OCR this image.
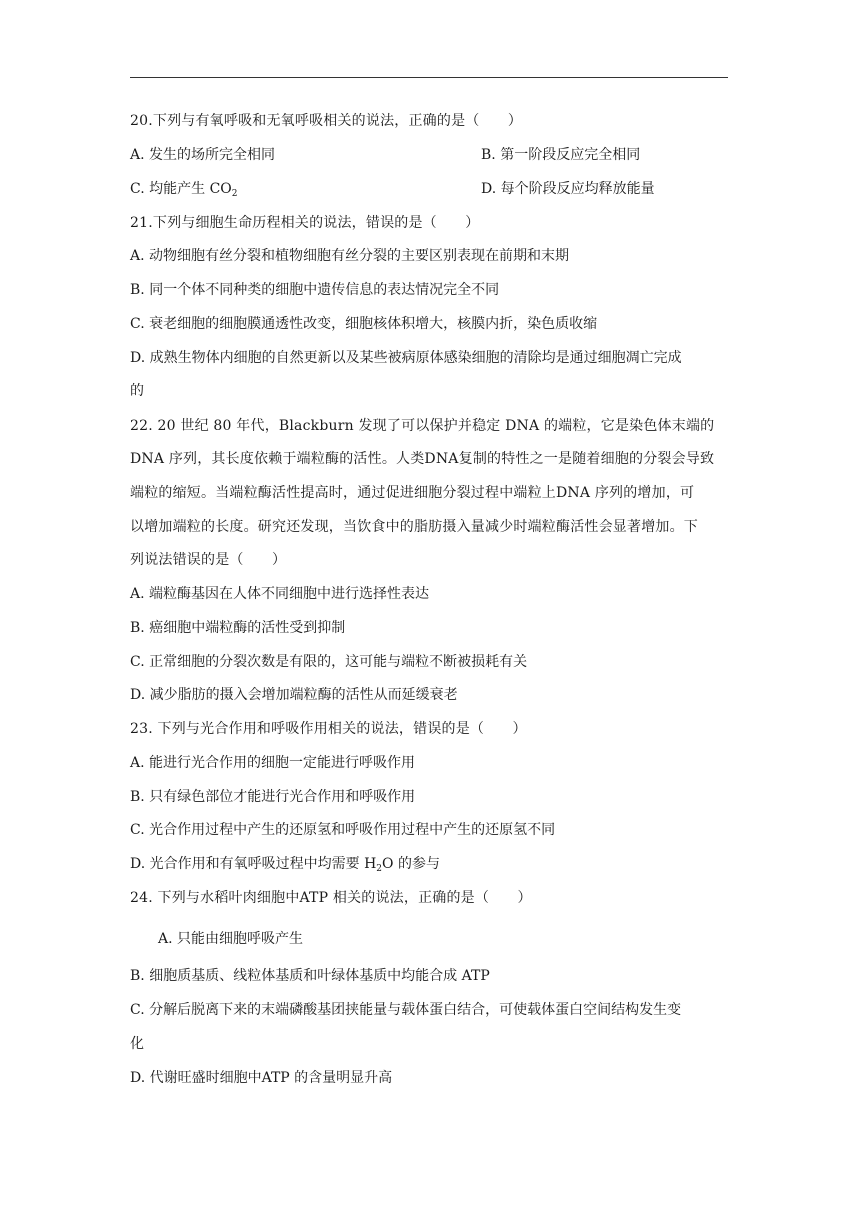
20.下列与有氧呼吸和无氧呼吸相关的说法，正确的是（　　）
A. 发生的场所完全相同	B. 第一阶段反应完全相同
C. 均能产生 $CO_2$	D. 每个阶段反应均释放能量
21.下列与细胞生命历程相关的说法，错误的是（　　）
A. 动物细胞有丝分裂和植物细胞有丝分裂的主要区别表现在前期和末期
B. 同一个体不同种类的细胞中遗传信息的表达情况完全不同
C. 衰老细胞的细胞膜通透性改变，细胞核体积增大，核膜内折，染色质收缩
D. 成熟生物体内细胞的自然更新以及某些被病原体感染细胞的清除均是通过细胞凋亡完成
的
22. 20 世纪 80 年代，Blackburn 发现了可以保护并稳定 DNA 的端粒，它是染色体末端的
DNA 序列，其长度依赖于端粒酶的活性。人类DNA复制的特性之一是随着细胞的分裂会导致
端粒的缩短。当端粒酶活性提高时，通过促进细胞分裂过程中端粒上DNA 序列的增加，可
以增加端粒的长度。研究还发现，当饮食中的脂肪摄入量减少时端粒酶活性会显著增加。下
列说法错误的是（　　）
A. 端粒酶基因在人体不同细胞中进行选择性表达
B. 癌细胞中端粒酶的活性受到抑制
C. 正常细胞的分裂次数是有限的，这可能与端粒不断被损耗有关
D. 减少脂肪的摄入会增加端粒酶的活性从而延缓衰老
23. 下列与光合作用和呼吸作用相关的说法，错误的是（　　）
A. 能进行光合作用的细胞一定能进行呼吸作用
B. 只有绿色部位才能进行光合作用和呼吸作用
C. 光合作用过程中产生的还原氢和呼吸作用过程中产生的还原氢不同
D. 光合作用和有氧呼吸过程中均需要 $H_2O$ 的参与
24. 下列与水稻叶肉细胞中ATP 相关的说法，正确的是（　　）
A. 只能由细胞呼吸产生
B. 细胞质基质、线粒体基质和叶绿体基质中均能合成 ATP
C. 分解后脱离下来的末端磷酸基团挟能量与载体蛋白结合，可使载体蛋白空间结构发生变
化
D. 代谢旺盛时细胞中ATP 的含量明显升高
